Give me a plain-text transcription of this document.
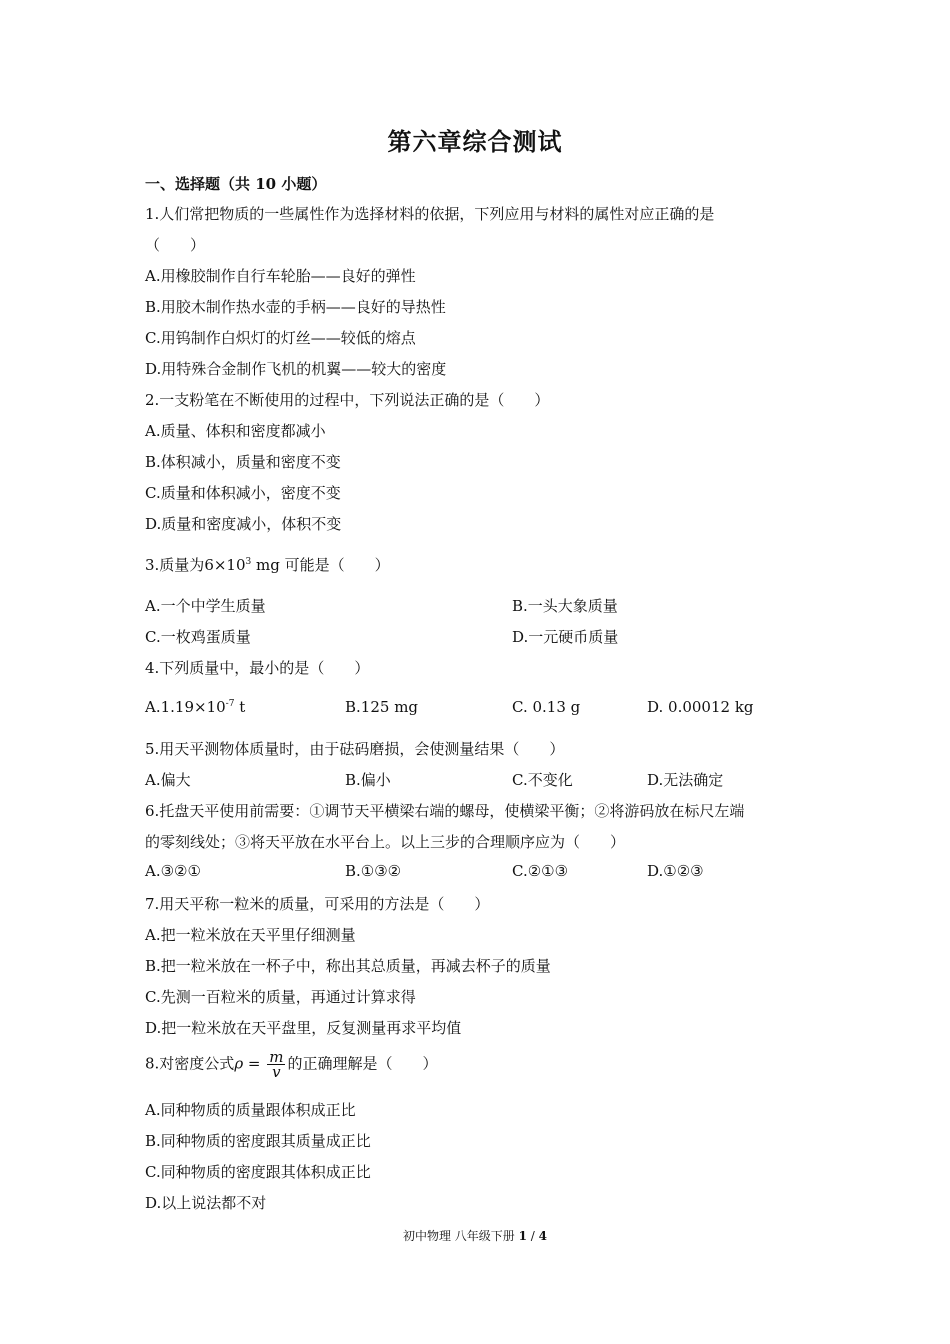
第六章综合测试
一、选择题（共 10 小题）
1.人们常把物质的一些属性作为选择材料的依据，下列应用与材料的属性对应正确的是
（　　）
A.用橡胶制作自行车轮胎——良好的弹性
B.用胶木制作热水壶的手柄——良好的导热性
C.用钨制作白炽灯的灯丝——较低的熔点
D.用特殊合金制作飞机的机翼——较大的密度
2.一支粉笔在不断使用的过程中，下列说法正确的是（　　）
A.质量、体积和密度都减小
B.体积减小，质量和密度不变
C.质量和体积减小，密度不变
D.质量和密度减小，体积不变
3.质量为$6\times 10^3$ mg 可能是（　　）
A.一个中学生质量	B.一头大象质量
C.一枚鸡蛋质量	D.一元硬币质量
4.下列质量中，最小的是（　　）
$A.1.19\times 10^{-7}$ t	B.125 mg	C. 0.13 g	D. 0.00012 kg
5.用天平测物体质量时，由于砝码磨损，会使测量结果（　　）
A.偏大	B.偏小	C.不变化	D.无法确定
6.托盘天平使用前需要：①调节天平横梁右端的螺母，使横梁平衡；②将游码放在标尺左端
的零刻线处；③将天平放在水平台上。以上三步的合理顺序应为（　　）
A.③②①	B.①③②	C.②①③	D.①②③
7.用天平称一粒米的质量，可采用的方法是（　　）
A.把一粒米放在天平里仔细测量
B.把一粒米放在一杯子中，称出其总质量，再减去杯子的质量
C.先测一百粒米的质量，再通过计算求得
D.把一粒米放在天平盘里，反复测量再求平均值
8.对密度公式$\rho = \frac{m}{v}$ 的正确理解是（　　）
A.同种物质的质量跟体积成正比
B.同种物质的密度跟其质量成正比
C.同种物质的密度跟其体积成正比
D.以上说法都不对
初中物理 八年级下册 1 / 4
